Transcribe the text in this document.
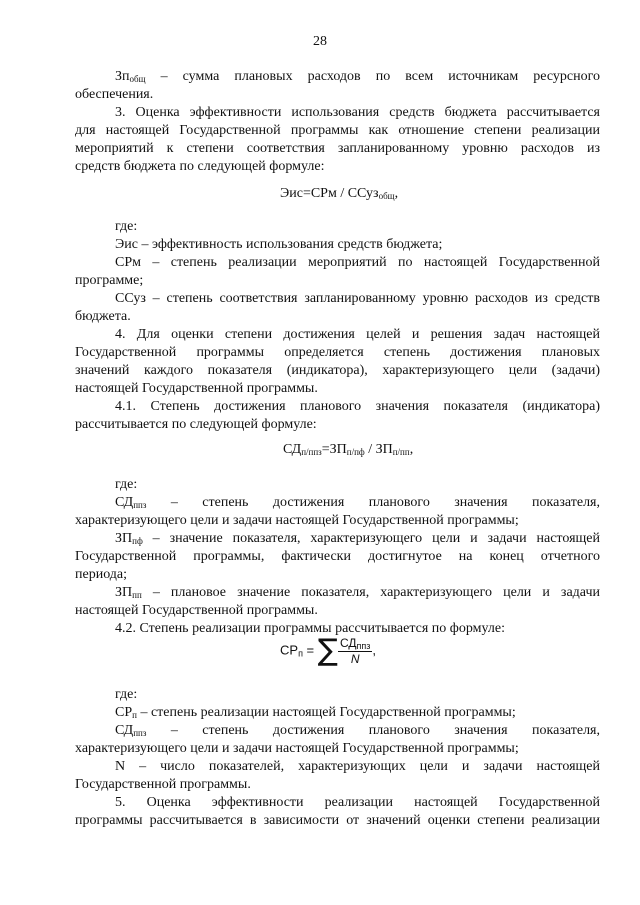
28
$Зп_{общ}$ – сумма плановых расходов по всем источникам ресурсного
обеспечения.
3. Оценка эффективности использования средств бюджета рассчитывается
для настоящей Государственной программы как отношение степени реализации
мероприятий к степени соответствия запланированному уровню расходов из
средств бюджета по следующей формуле:
где:
Эис – эффективность использования средств бюджета;
СРм – степень реализации мероприятий по настоящей Государственной
программе;
ССуз – степень соответствия запланированному уровню расходов из средств
бюджета.
4. Для оценки степени достижения целей и решения задач настоящей
Государственной программы определяется степень достижения плановых
значений каждого показателя (индикатора), характеризующего цели (задачи)
настоящей Государственной программы.
4.1. Степень достижения планового значения показателя (индикатора)
рассчитывается по следующей формуле:
где:
$СД_{ппз}$ – степень достижения планового значения показателя,
характеризующего цели и задачи настоящей Государственной программы;
$ЗП_{пф}$ – значение показателя, характеризующего цели и задачи настоящей
Государственной программы, фактически достигнутое на конец отчетного
периода;
$ЗП_{пп}$ – плановое значение показателя, характеризующего цели и задачи
настоящей Государственной программы.
4.2. Степень реализации программы рассчитывается по формуле:
где:
$СР_п$ – степень реализации настоящей Государственной программы;
$СД_{ппз}$ – степень достижения планового значения показателя,
характеризующего цели и задачи настоящей Государственной программы;
N – число показателей, характеризующих цели и задачи настоящей
Государственной программы.
5. Оценка эффективности реализации настоящей Государственной
программы рассчитывается в зависимости от значений оценки степени реализации
Эис=СРм / ССуз$_{общ}$,
$СД_{п/ппз}=ЗП_{п/пф} / ЗП_{п/пп}$,
$СР_п$ = ∑ $\frac{СД_{ппз}}{N}$ ,
